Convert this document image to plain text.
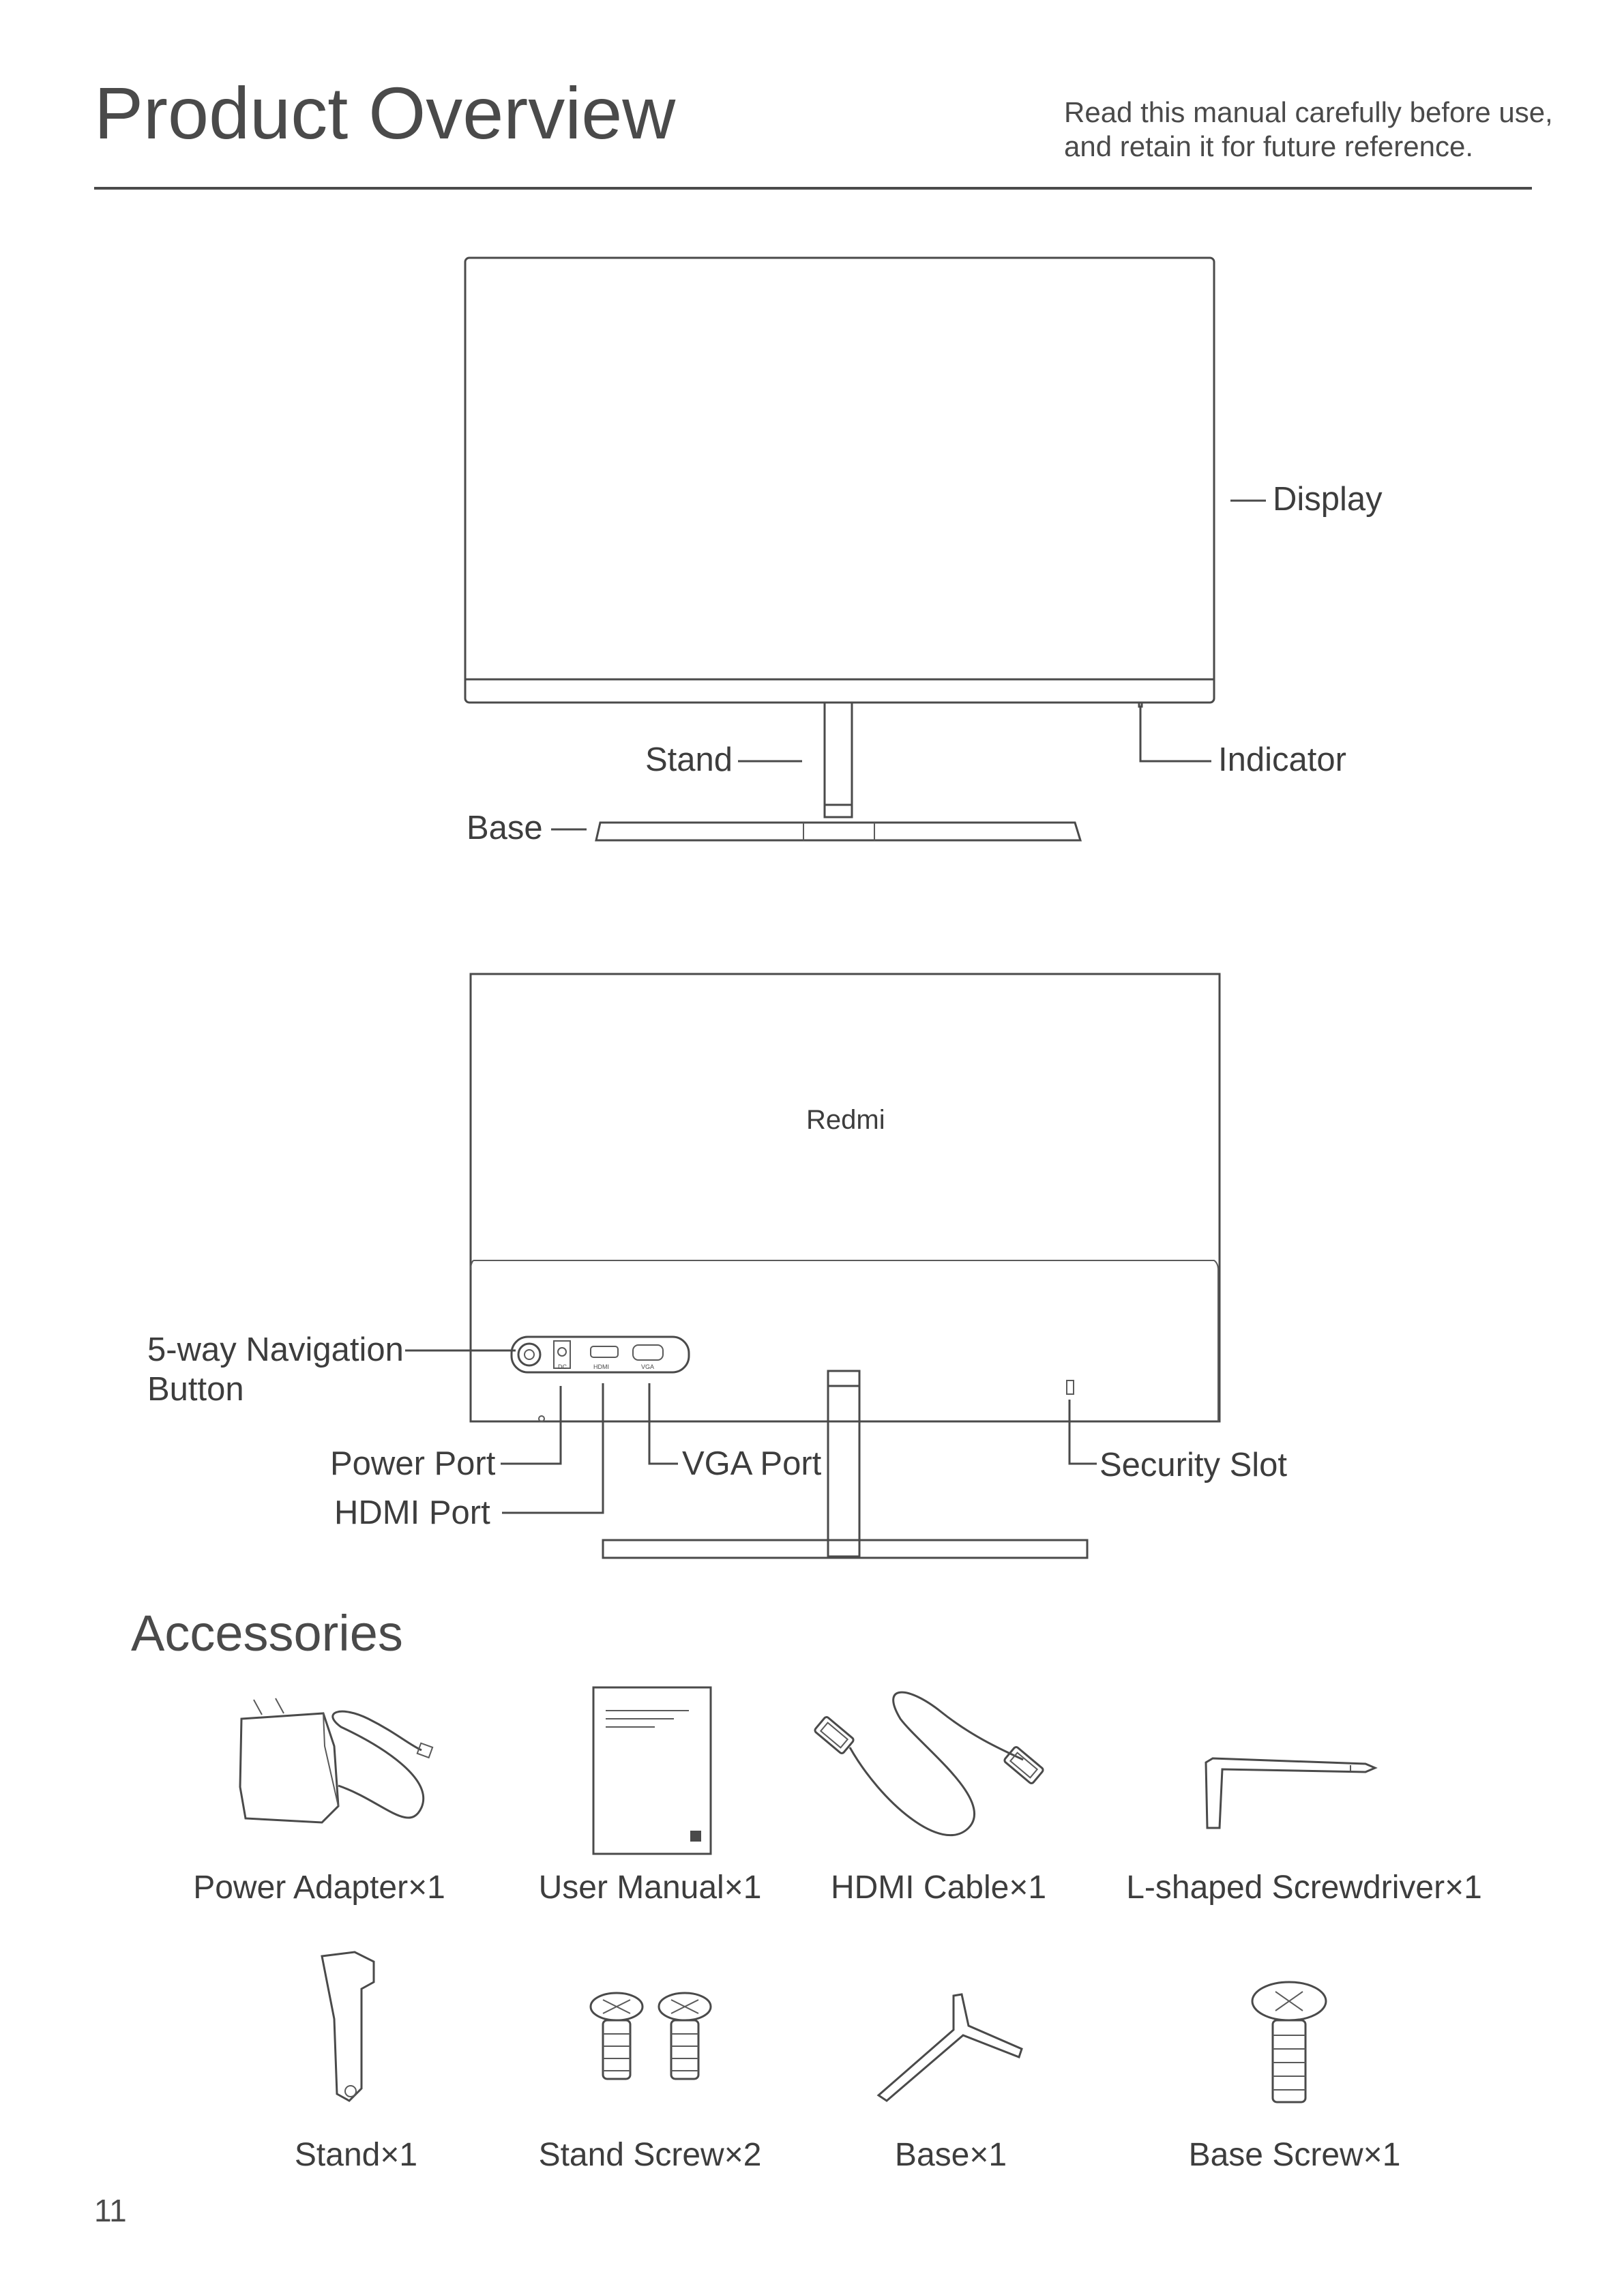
Product Overview	Read this manual carefully before use,
and retain it for future reference.
Display
Stand	Indicator
Base
Redmi
DC	HDMI	VGA
5-way Navigation
Button
Power Port
HDMI Port
VGA Port	Security Slot
Accessories
Power Adapter×1	User Manual×1	HDMI Cable×1	L-shaped Screwdriver×1
Stand×1	Stand Screw×2	Base×1	Base Screw×1
11
